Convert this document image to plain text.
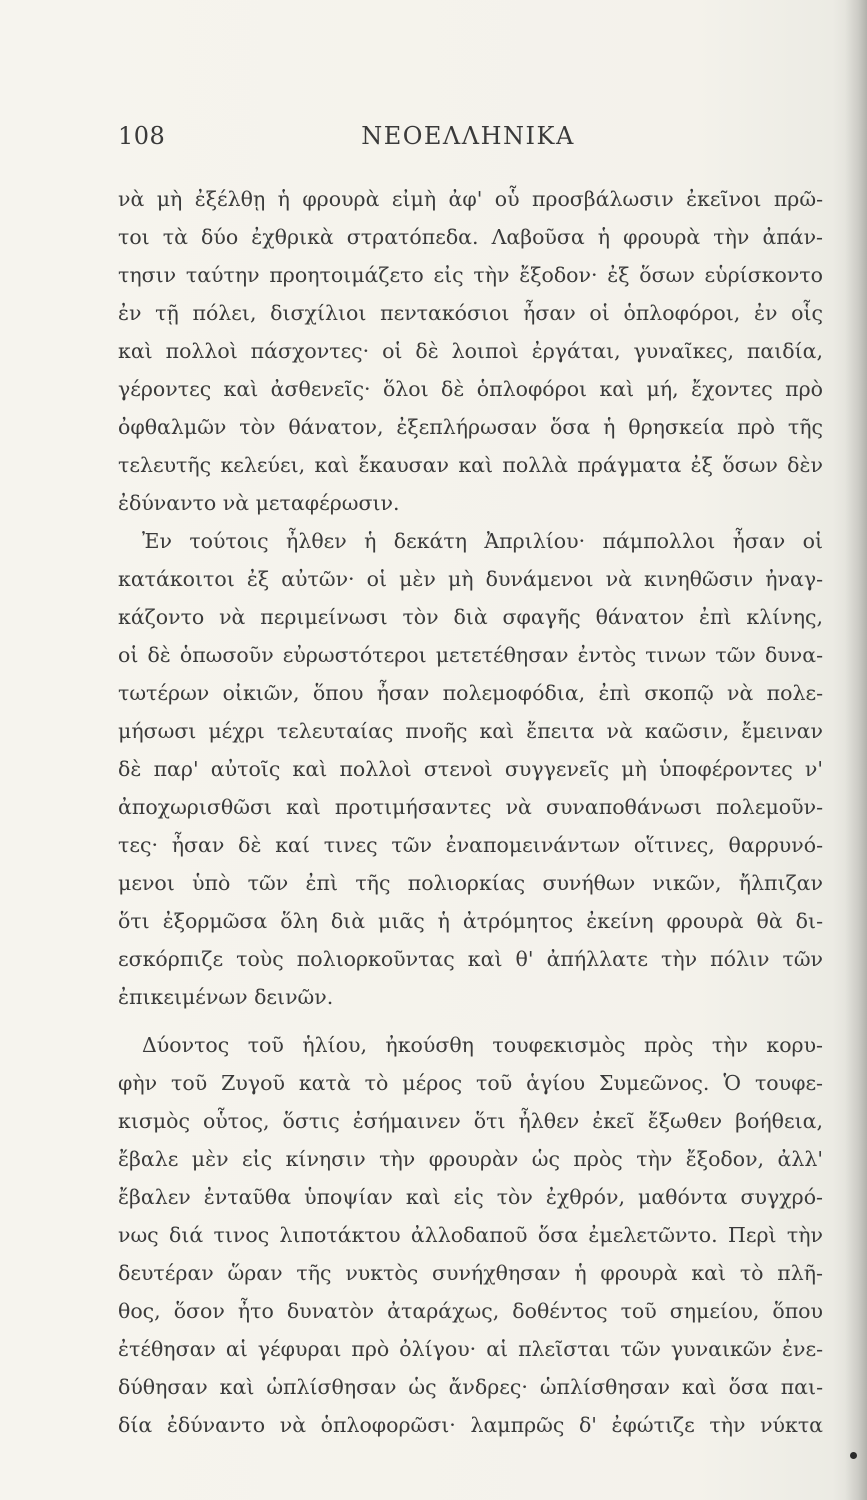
108	ΝΕΟΕΛΛΗΝΙΚΑ
νὰ μὴ ἐξέλθῃ ἡ φρουρὰ εἰμὴ ἀφ' οὗ προσβάλωσιν ἐκεῖνοι πρῶ-
τοι τὰ δύο ἐχθρικὰ στρατόπεδα. Λαβοῦσα ἡ φρουρὰ τὴν ἀπάν-
τησιν ταύτην προητοιμάζετο εἰς τὴν ἔξοδον· ἐξ ὅσων εὑρίσκοντο
ἐν τῇ πόλει, δισχίλιοι πεντακόσιοι ἦσαν οἱ ὁπλοφόροι, ἐν οἷς
καὶ πολλοὶ πάσχοντες· οἱ δὲ λοιποὶ ἐργάται, γυναῖκες, παιδία,
γέροντες καὶ ἀσθενεῖς· ὅλοι δὲ ὁπλοφόροι καὶ μή, ἔχοντες πρὸ
ὀφθαλμῶν τὸν θάνατον, ἐξεπλήρωσαν ὅσα ἡ θρησκεία πρὸ τῆς
τελευτῆς κελεύει, καὶ ἔκαυσαν καὶ πολλὰ πράγματα ἐξ ὅσων δὲν
ἐδύναντο νὰ μεταφέρωσιν.
Ἐν τούτοις ἦλθεν ἡ δεκάτη Ἀπριλίου· πάμπολλοι ἦσαν οἱ
κατάκοιτοι ἐξ αὐτῶν· οἱ μὲν μὴ δυνάμενοι νὰ κινηθῶσιν ἠναγ-
κάζοντο νὰ περιμείνωσι τὸν διὰ σφαγῆς θάνατον ἐπὶ κλίνης,
οἱ δὲ ὁπωσοῦν εὐρωστότεροι μετετέθησαν ἐντὸς τινων τῶν δυνα-
τωτέρων οἰκιῶν, ὅπου ἦσαν πολεμοφόδια, ἐπὶ σκοπῷ νὰ πολε-
μήσωσι μέχρι τελευταίας πνοῆς καὶ ἔπειτα νὰ καῶσιν, ἔμειναν
δὲ παρ' αὐτοῖς καὶ πολλοὶ στενοὶ συγγενεῖς μὴ ὑποφέροντες ν'
ἀποχωρισθῶσι καὶ προτιμήσαντες νὰ συναποθάνωσι πολεμοῦν-
τες· ἦσαν δὲ καί τινες τῶν ἐναπομεινάντων οἵτινες, θαρρυνό-
μενοι ὑπὸ τῶν ἐπὶ τῆς πολιορκίας συνήθων νικῶν, ἤλπιζαν
ὅτι ἐξορμῶσα ὅλη διὰ μιᾶς ἡ ἀτρόμητος ἐκείνη φρουρὰ θὰ δι-
εσκόρπιζε τοὺς πολιορκοῦντας καὶ θ' ἀπήλλατε τὴν πόλιν τῶν
ἐπικειμένων δεινῶν.
Δύοντος τοῦ ἡλίου, ἠκούσθη τουφεκισμὸς πρὸς τὴν κορυ-
φὴν τοῦ Ζυγοῦ κατὰ τὸ μέρος τοῦ ἁγίου Συμεῶνος. Ὁ τουφε-
κισμὸς οὗτος, ὅστις ἐσήμαινεν ὅτι ἦλθεν ἐκεῖ ἔξωθεν βοήθεια,
ἔβαλε μὲν εἰς κίνησιν τὴν φρουρὰν ὡς πρὸς τὴν ἔξοδον, ἀλλ'
ἔβαλεν ἐνταῦθα ὑποψίαν καὶ εἰς τὸν ἐχθρόν, μαθόντα συγχρό-
νως διά τινος λιποτάκτου ἀλλοδαποῦ ὅσα ἐμελετῶντο. Περὶ τὴν
δευτέραν ὥραν τῆς νυκτὸς συνήχθησαν ἡ φρουρὰ καὶ τὸ πλῆ-
θος, ὅσον ἦτο δυνατὸν ἀταράχως, δοθέντος τοῦ σημείου, ὅπου
ἐτέθησαν αἱ γέφυραι πρὸ ὀλίγου· αἱ πλεῖσται τῶν γυναικῶν ἐνε-
δύθησαν καὶ ὡπλίσθησαν ὡς ἄνδρες· ὡπλίσθησαν καὶ ὅσα παι-
δία ἐδύναντο νὰ ὁπλοφορῶσι· λαμπρῶς δ' ἐφώτιζε τὴν νύκτα
